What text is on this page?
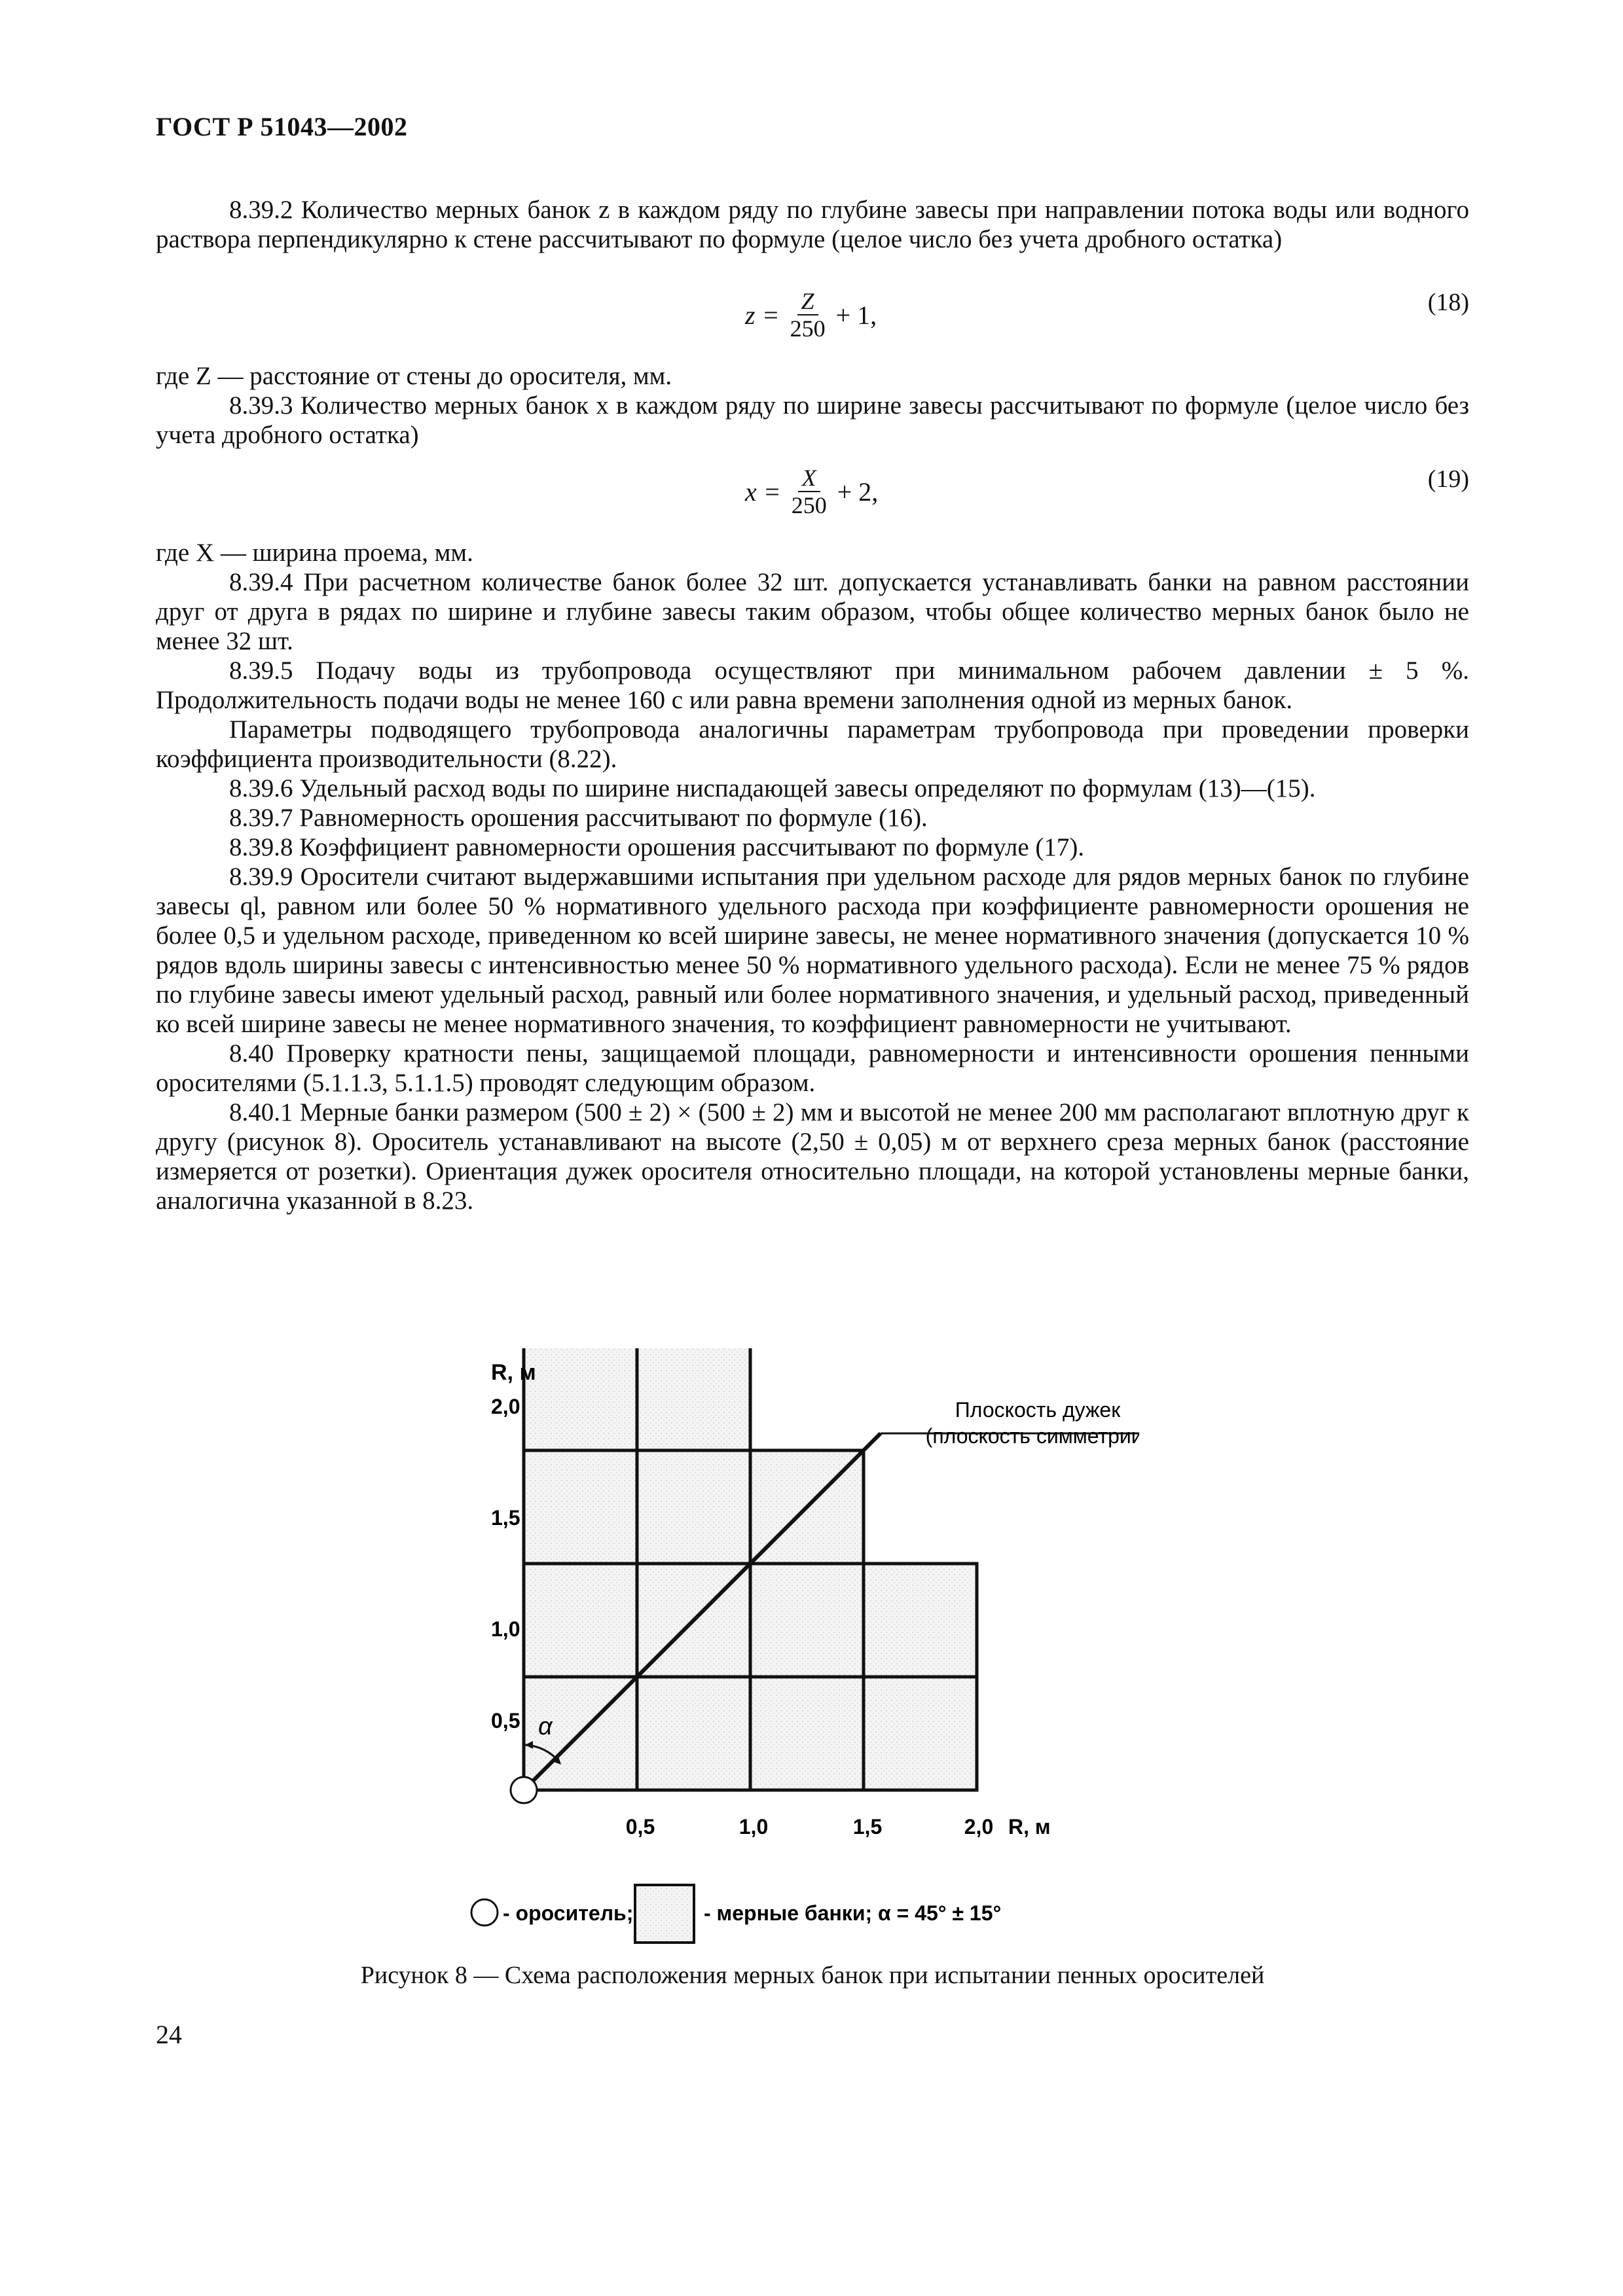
ГОСТ Р 51043—2002

8.39.2 Количество мерных банок z в каждом ряду по глубине завесы при направлении потока воды или водного раствора перпендикулярно к стене рассчитывают по формуле (целое число без учета дробного остатка)

$z = \frac{Z}{250} + 1$,	(18)

где Z — расстояние от стены до оросителя, мм.

8.39.3 Количество мерных банок x в каждом ряду по ширине завесы рассчитывают по формуле (целое число без учета дробного остатка)

$x = \frac{X}{250} + 2$,	(19)

где X — ширина проема, мм.

8.39.4 При расчетном количестве банок более 32 шт. допускается устанавливать банки на равном расстоянии друг от друга в рядах по ширине и глубине завесы таким образом, чтобы общее количество мерных банок было не менее 32 шт.

8.39.5 Подачу воды из трубопровода осуществляют при минимальном рабочем давлении ± 5 %. Продолжительность подачи воды не менее 160 с или равна времени заполнения одной из мерных банок.

Параметры подводящего трубопровода аналогичны параметрам трубопровода при проведении проверки коэффициента производительности (8.22).

8.39.6 Удельный расход воды по ширине ниспадающей завесы определяют по формулам (13)—(15).

8.39.7 Равномерность орошения рассчитывают по формуле (16).

8.39.8 Коэффициент равномерности орошения рассчитывают по формуле (17).

8.39.9 Оросители считают выдержавшими испытания при удельном расходе для рядов мерных банок по глубине завесы ql, равном или более 50 % нормативного удельного расхода при коэффициенте равномерности орошения не более 0,5 и удельном расходе, приведенном ко всей ширине завесы, не менее нормативного значения (допускается 10 % рядов вдоль ширины завесы с интенсивностью менее 50 % нормативного удельного расхода). Если не менее 75 % рядов по глубине завесы имеют удельный расход, равный или более нормативного значения, и удельный расход, приведенный ко всей ширине завесы не менее нормативного значения, то коэффициент равномерности не учитывают.

8.40 Проверку кратности пены, защищаемой площади, равномерности и интенсивности орошения пенными оросителями (5.1.1.3, 5.1.1.5) проводят следующим образом.

8.40.1 Мерные банки размером (500 ± 2) × (500 ± 2) мм и высотой не менее 200 мм располагают вплотную друг к другу (рисунок 8). Ороситель устанавливают на высоте (2,50 ± 0,05) м от верхнего среза мерных банок (расстояние измеряется от розетки). Ориентация дужек оросителя относительно площади, на которой установлены мерные банки, аналогична указанной в 8.23.

Плоскость дужек
(плоскость симметрии)
α
R, м
2,0
1,5
1,0
0,5
0,5	1,0	1,5	2,0 R, м
- ороситель;	- мерные банки; α = 45° ± 15°
Рисунок 8 — Схема расположения мерных банок при испытании пенных оросителей
24
